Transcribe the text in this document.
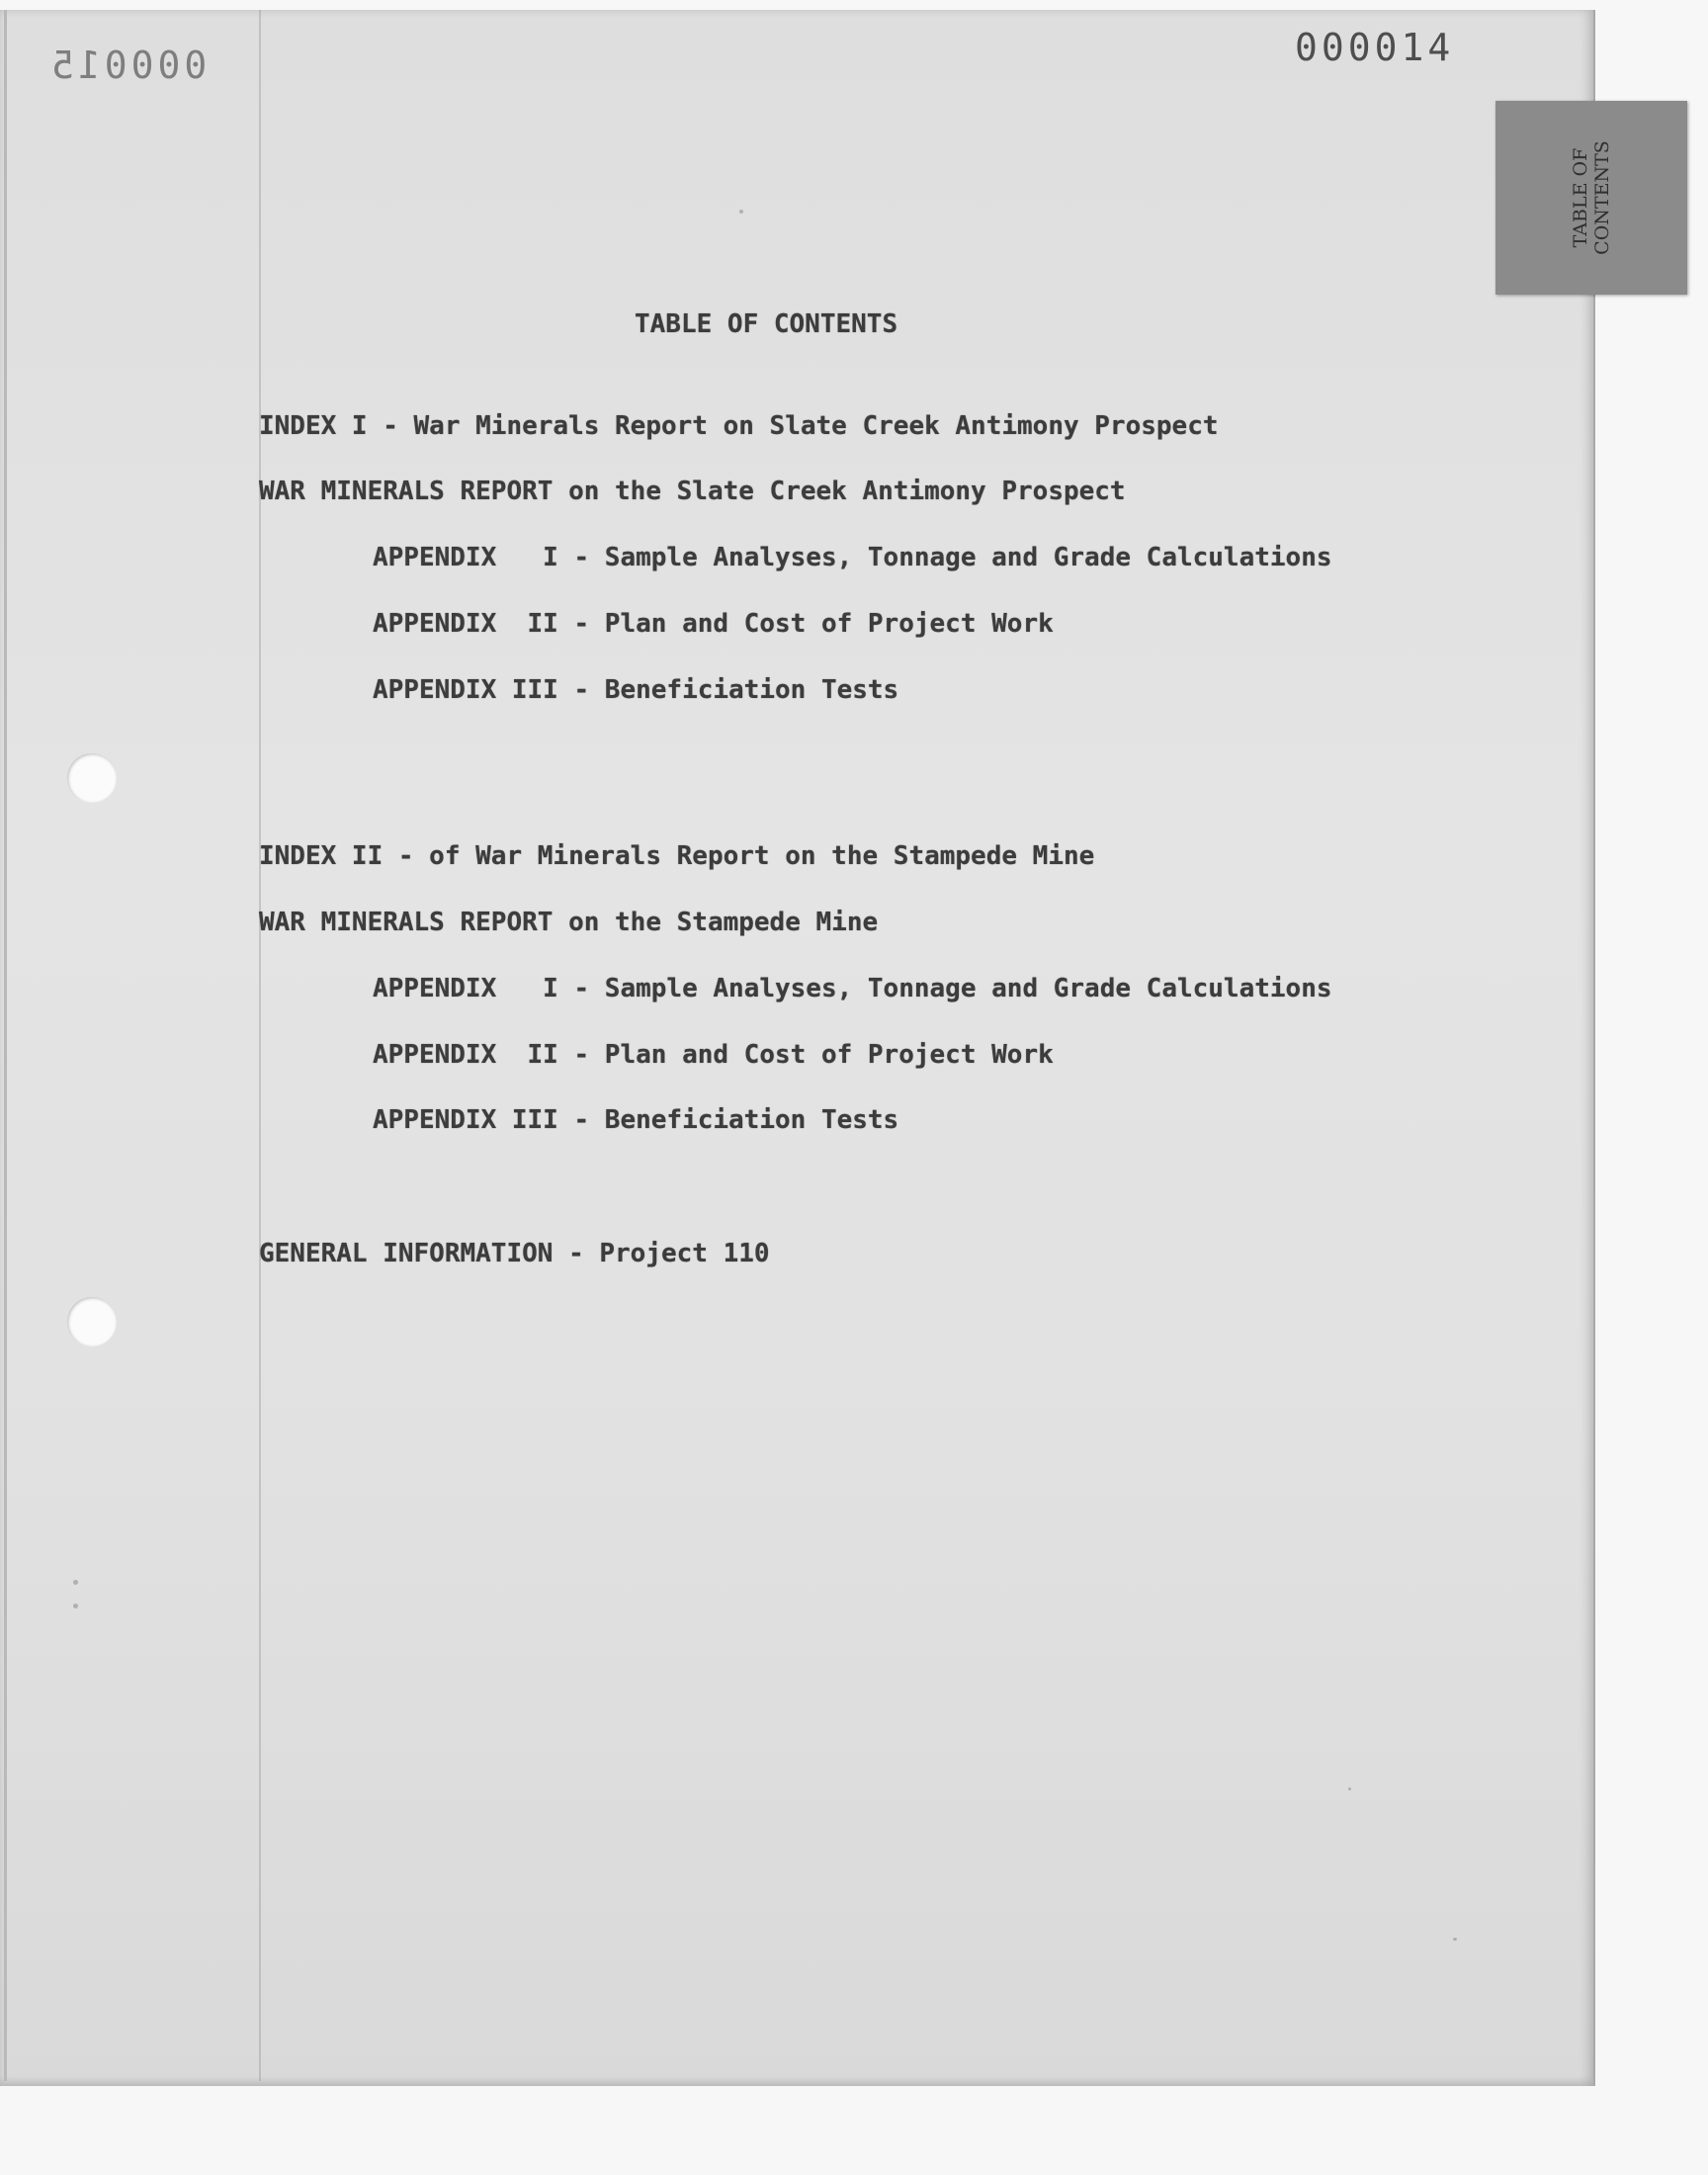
000015	000014
TABLE OF
CONTENTS
TABLE OF CONTENTS
INDEX I - War Minerals Report on Slate Creek Antimony Prospect
WAR MINERALS REPORT on the Slate Creek Antimony Prospect
APPENDIX   I - Sample Analyses, Tonnage and Grade Calculations
APPENDIX  II - Plan and Cost of Project Work
APPENDIX III - Beneficiation Tests
INDEX II - of War Minerals Report on the Stampede Mine
WAR MINERALS REPORT on the Stampede Mine
APPENDIX   I - Sample Analyses, Tonnage and Grade Calculations
APPENDIX  II - Plan and Cost of Project Work
APPENDIX III - Beneficiation Tests
GENERAL INFORMATION - Project 110
